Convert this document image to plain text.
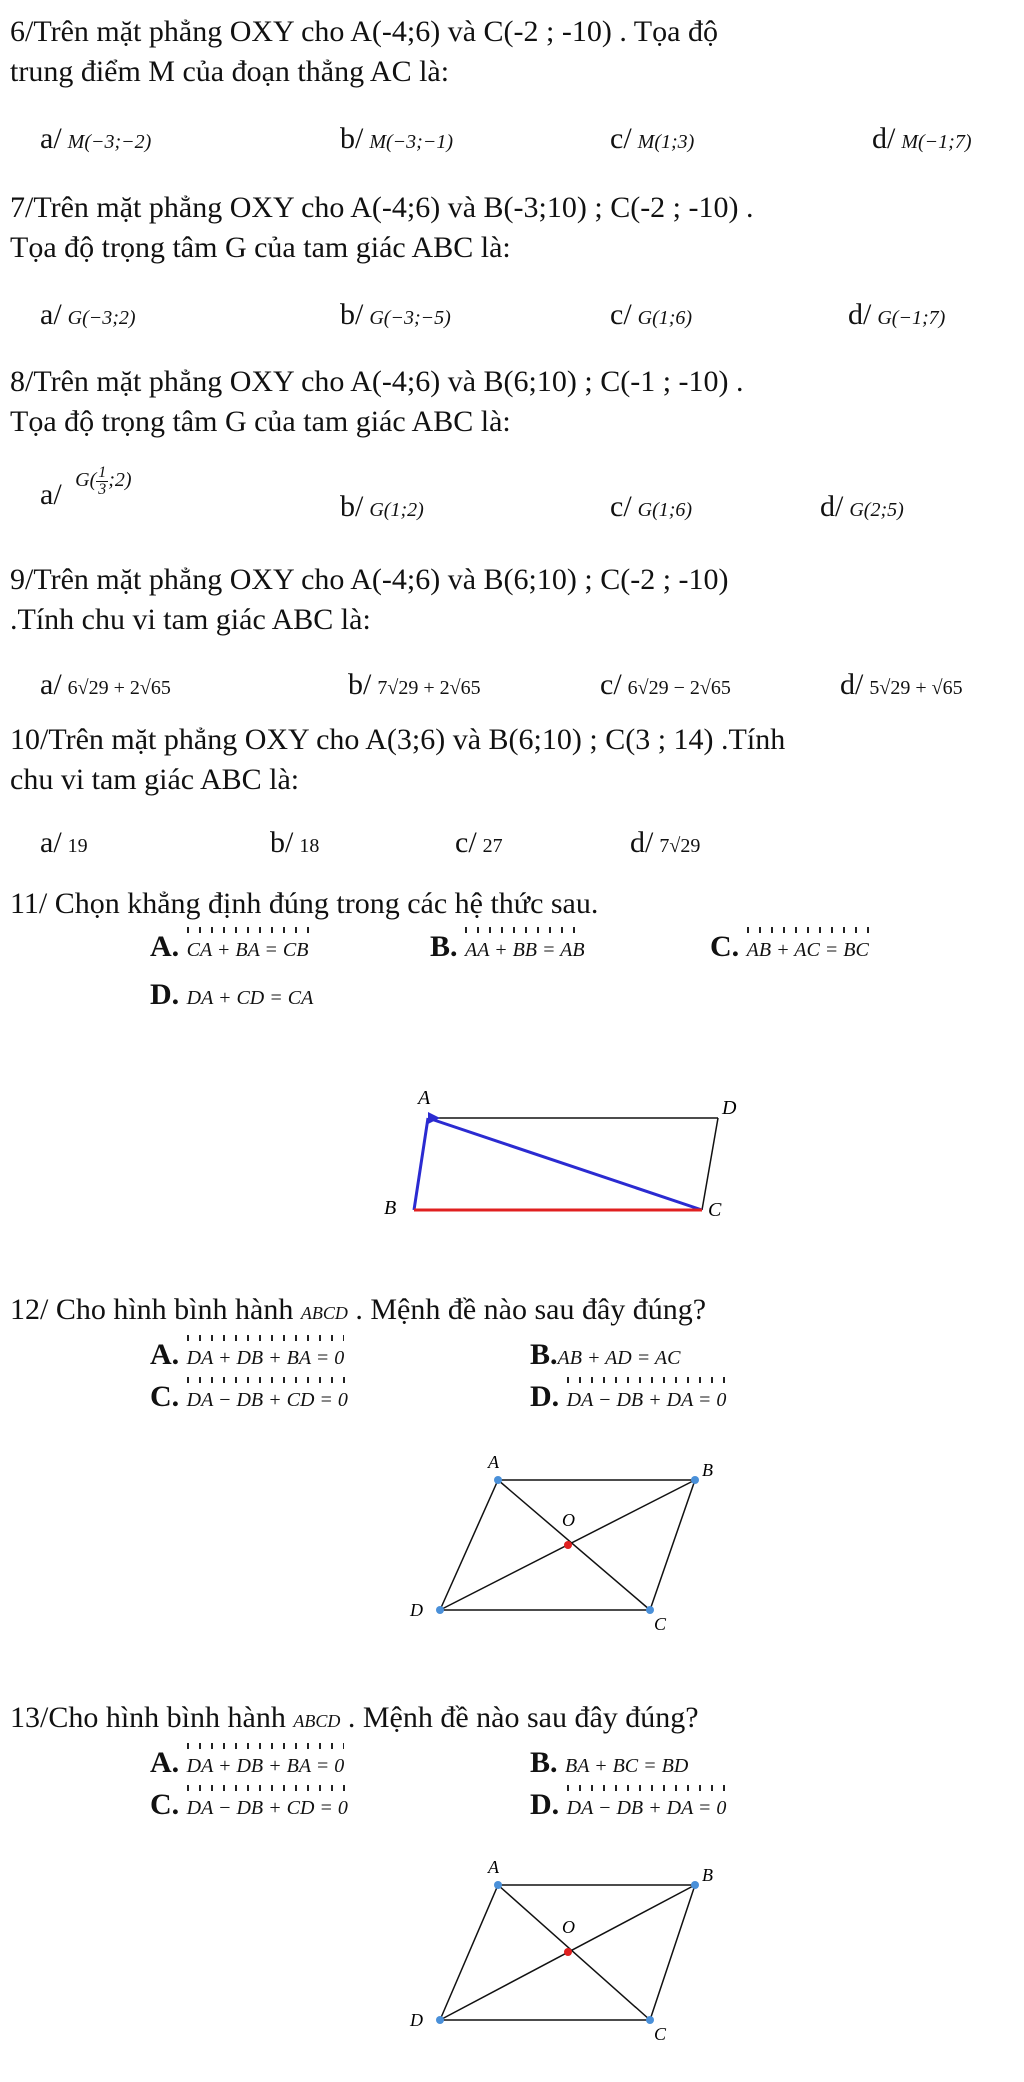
6/Trên mặt phẳng OXY cho A(-4;6) và C(-2 ; -10) . Tọa độ
trung điểm M của đoạn thẳng AC là:
a/ M(−3;−2)	b/ M(−3;−1)	c/ M(1;3)	d/ M(−1;7)
7/Trên mặt phẳng OXY cho A(-4;6) và B(-3;10) ; C(-2 ; -10) .
Tọa độ trọng tâm G của tam giác ABC là:
a/ G(−3;2)	b/ G(−3;−5)	c/ G(1;6)	d/ G(−1;7)
8/Trên mặt phẳng OXY cho A(-4;6) và B(6;10) ; C(-1 ; -10) .
Tọa độ trọng tâm G của tam giác ABC là:
a/ $^{G( \frac{1}{3} ;2)}$
b/ G(1;2)	c/ G(1;6)	d/ G(2;5)
9/Trên mặt phẳng OXY cho A(-4;6) và B(6;10) ; C(-2 ; -10)
.Tính chu vi tam giác ABC là:
a/ 6√29 + 2√65	b/ 7√29 + 2√65	c/ 6√29 − 2√65	d/ 5√29 + √65
10/Trên mặt phẳng OXY cho A(3;6) và B(6;10) ; C(3 ; 14) .Tính
chu vi tam giác ABC là:
a/ 19	b/ 18	c/ 27	d/ 7√29
11/ Chọn khẳng định đúng trong các hệ thức sau.
A. CA + BA = CB	B. AA + BB = AB	C. AB + AC = BC
D. DA + CD = CA
A	D
B	C
12/ Cho hình bình hành ABCD . Mệnh đề nào sau đây đúng?
A. DA + DB + BA = 0	B.AB + AD = AC
C. DA − DB + CD = 0	D. DA − DB + DA = 0
A	B
C
D
O
13/Cho hình bình hành ABCD . Mệnh đề nào sau đây đúng?
A. DA + DB + BA = 0	B. BA + BC = BD
C. DA − DB + CD = 0	D. DA − DB + DA = 0
A	B
C
D
O
